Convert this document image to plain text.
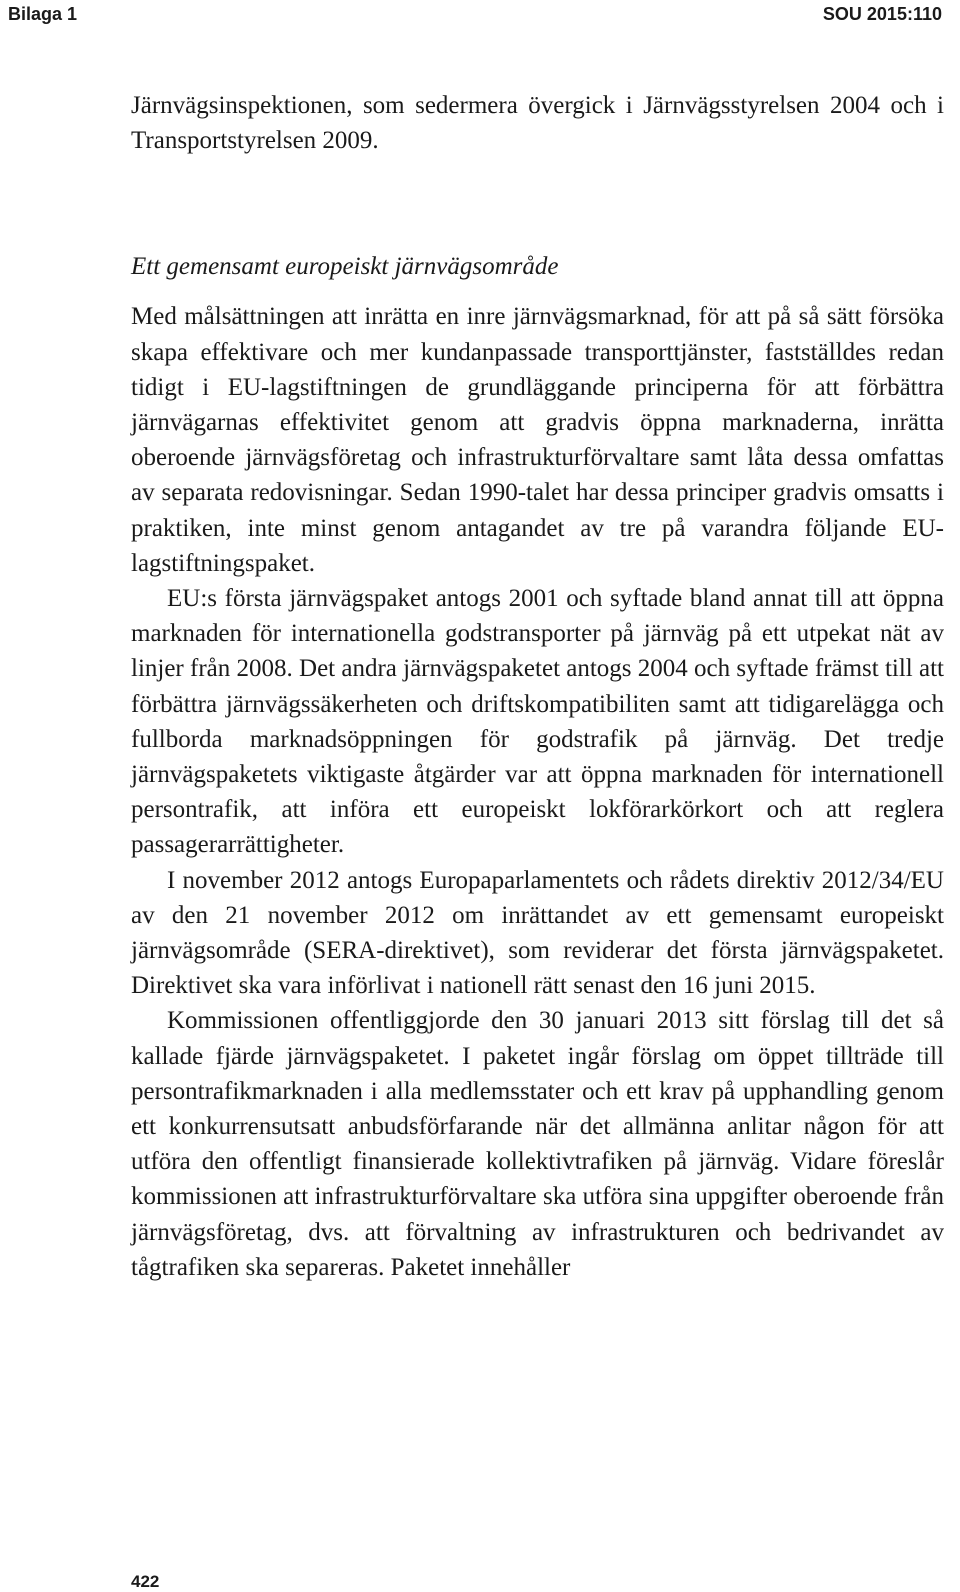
Bilaga 1	SOU 2015:110

Järnvägsinspektionen, som sedermera övergick i Järnvägsstyrelsen 2004 och i Transportstyrelsen 2009.

Ett gemensamt europeiskt järnvägsområde

Med målsättningen att inrätta en inre järnvägsmarknad, för att på så sätt försöka skapa effektivare och mer kundanpassade transporttjänster, fastställdes redan tidigt i EU-lagstiftningen de grundläggande principerna för att förbättra järnvägarnas effektivitet genom att gradvis öppna marknaderna, inrätta oberoende järnvägsföretag och infrastrukturförvaltare samt låta dessa omfattas av separata redovisningar. Sedan 1990-talet har dessa principer gradvis omsatts i praktiken, inte minst genom antagandet av tre på varandra följande EU-lagstiftningspaket.

EU:s första järnvägspaket antogs 2001 och syftade bland annat till att öppna marknaden för internationella godstransporter på järnväg på ett utpekat nät av linjer från 2008. Det andra järnvägspaketet antogs 2004 och syftade främst till att förbättra järnvägssäkerheten och driftskompatibiliten samt att tidigarelägga och fullborda marknadsöppningen för godstrafik på järnväg. Det tredje järnvägspaketets viktigaste åtgärder var att öppna marknaden för internationell persontrafik, att införa ett europeiskt lokförarkörkort och att reglera passagerarrättigheter.

I november 2012 antogs Europaparlamentets och rådets direktiv 2012/34/EU av den 21 november 2012 om inrättandet av ett gemensamt europeiskt järnvägsområde (SERA-direktivet), som reviderar det första järnvägspaketet. Direktivet ska vara införlivat i nationell rätt senast den 16 juni 2015.

Kommissionen offentliggjorde den 30 januari 2013 sitt förslag till det så kallade fjärde järnvägspaketet. I paketet ingår förslag om öppet tillträde till persontrafikmarknaden i alla medlemsstater och ett krav på upphandling genom ett konkurrensutsatt anbudsförfarande när det allmänna anlitar någon för att utföra den offentligt finansierade kollektivtrafiken på järnväg. Vidare föreslår kommissionen att infrastrukturförvaltare ska utföra sina uppgifter oberoende från järnvägsföretag, dvs. att förvaltning av infrastrukturen och bedrivandet av tågtrafiken ska separeras. Paketet innehåller

422
